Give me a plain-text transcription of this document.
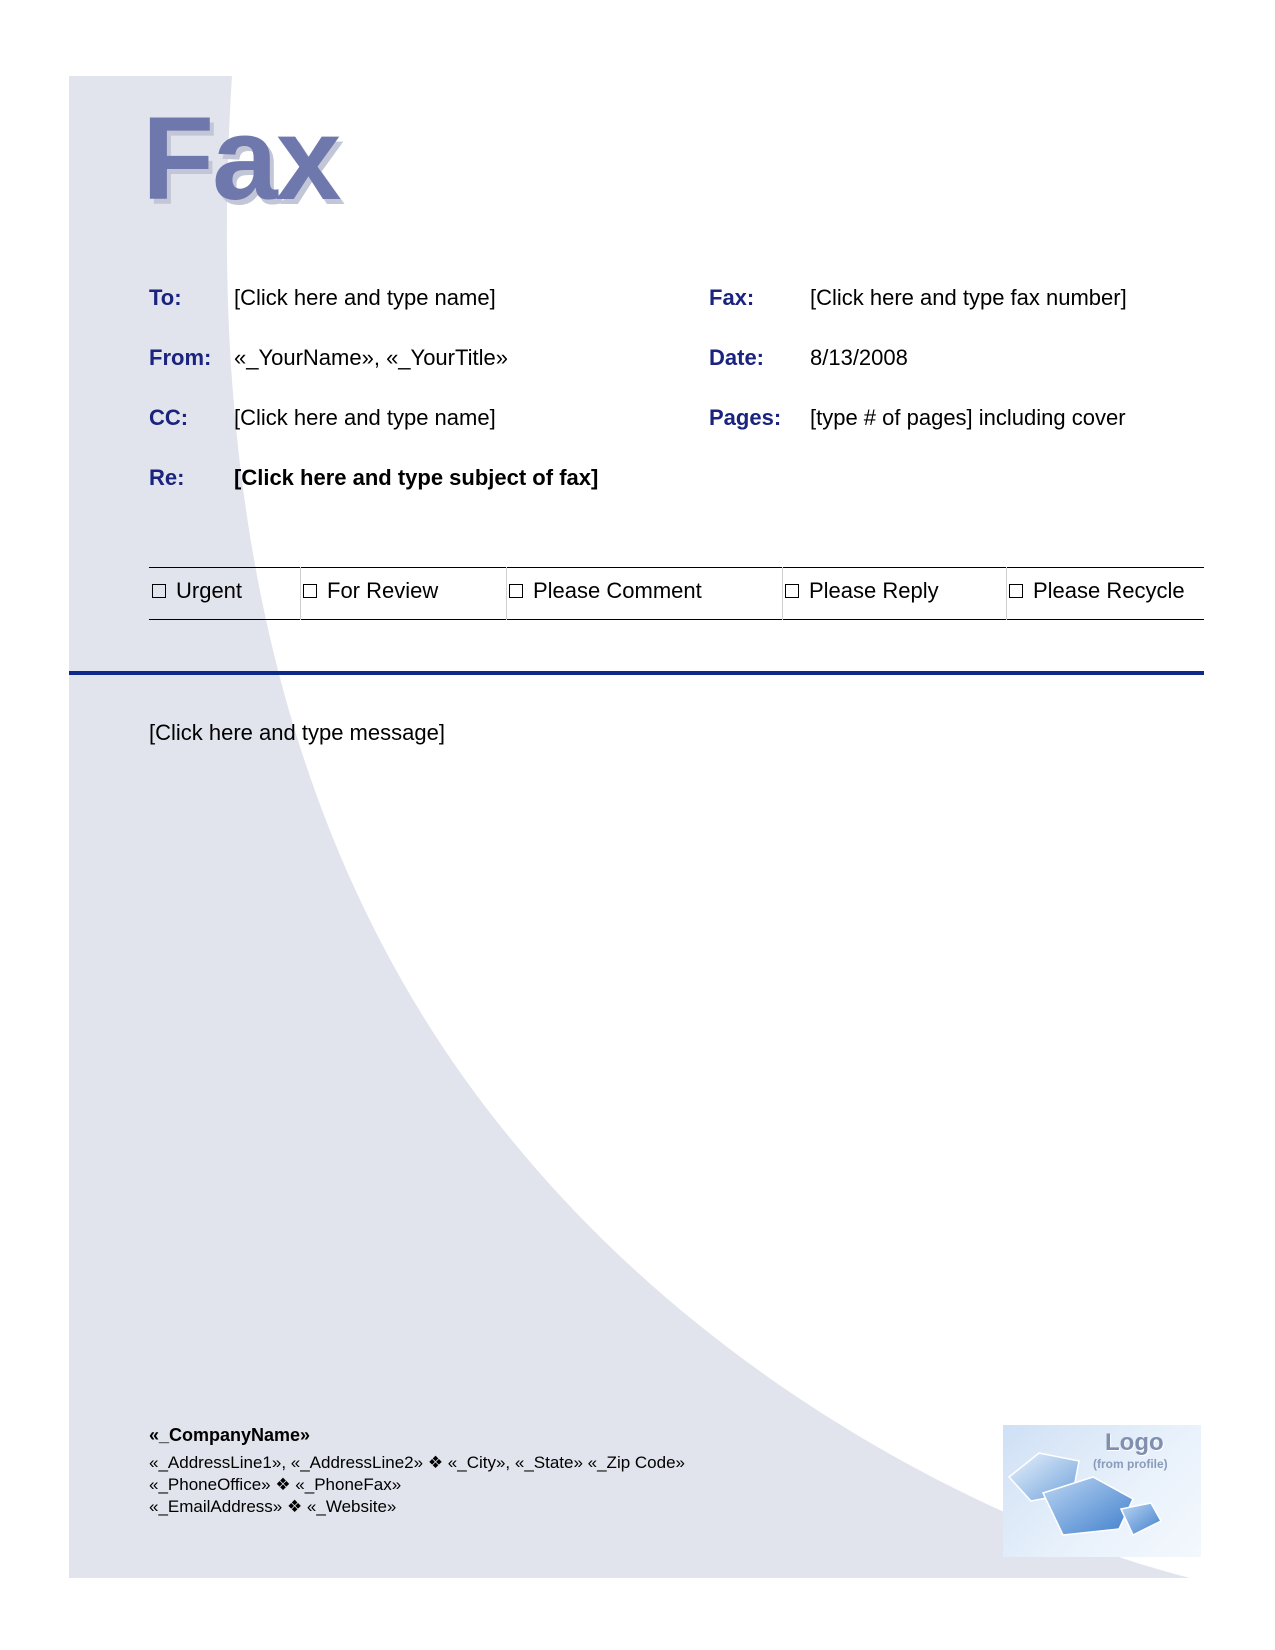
Fax
To: [Click here and type name]
From: «_YourName», «_YourTitle»
CC: [Click here and type name]
Re: [Click here and type subject of fax]
Fax:	[Click here and type fax number]
Date: 8/13/2008
Pages: [type # of pages] including cover
Urgent	For Review	Please Comment	Please Reply	Please Recycle
[Click here and type message]
«_CompanyName»
«_AddressLine1», «_AddressLine2» ❖ «_City», «_State» «_Zip Code»
«_PhoneOffice» ❖ «_PhoneFax»
«_EmailAddress» ❖ «_Website»
Logo
(from profile)
